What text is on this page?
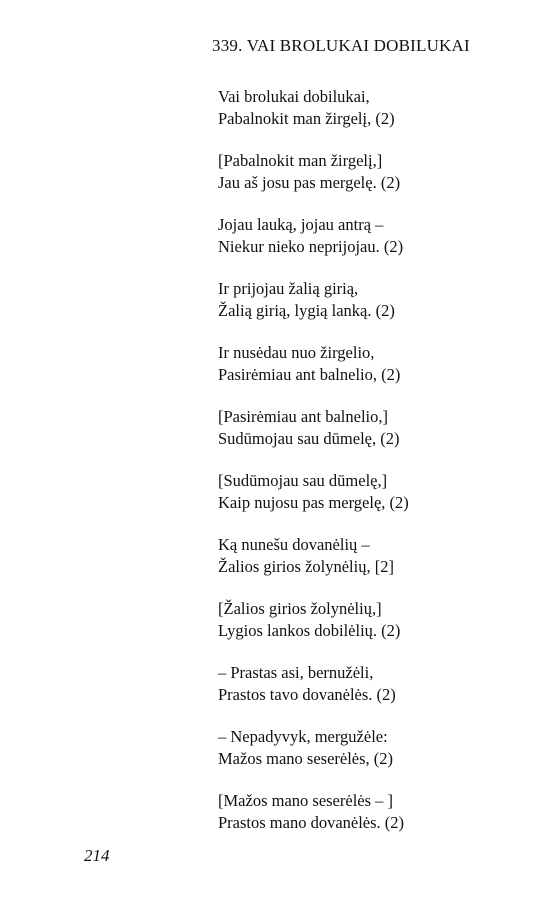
339. VAI BROLUKAI DOBILUKAI
Vai brolukai dobilukai,
Pabalnokit man žirgelį, (2)
[Pabalnokit man žirgelį,]
Jau aš josu pas mergelę. (2)
Jojau lauką, jojau antrą –
Niekur nieko neprijojau. (2)
Ir prijojau žalią girią,
Žalią girią, lygią lanką. (2)
Ir nusėdau nuo žirgelio,
Pasirėmiau ant balnelio, (2)
[Pasirėmiau ant balnelio,]
Sudūmojau sau dūmelę, (2)
[Sudūmojau sau dūmelę,]
Kaip nujosu pas mergelę, (2)
Ką nunešu dovanėlių –
Žalios girios žolynėlių, [2]
[Žalios girios žolynėlių,]
Lygios lankos dobilėlių. (2)
– Prastas asi, bernužėli,
Prastos tavo dovanėlės. (2)
– Nepadyvyk, mergužėle:
Mažos mano seserėlės, (2)
[Mažos mano seserėlės – ]
Prastos mano dovanėlės. (2)
214
